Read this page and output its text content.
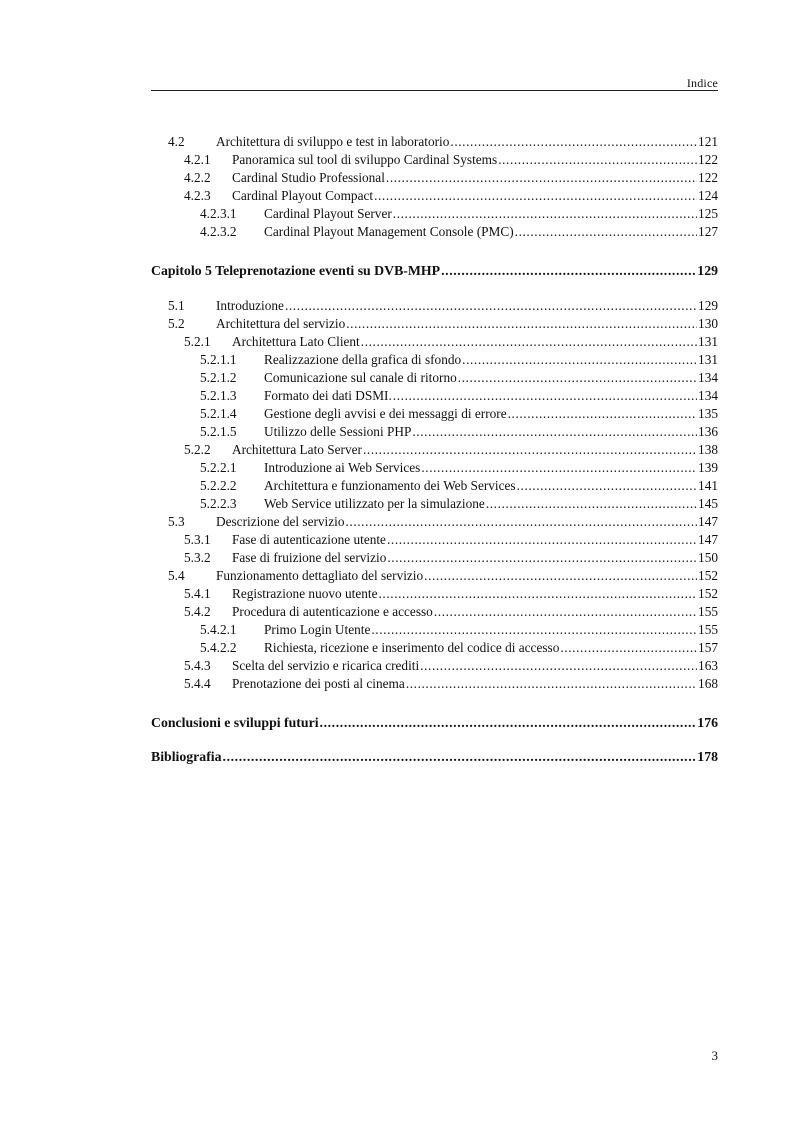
Indice
4.2	Architettura di sviluppo e test in laboratorio .....	121
4.2.1	Panoramica sul tool di sviluppo Cardinal Systems .....	122
4.2.2	Cardinal Studio Professional .....	122
4.2.3	Cardinal Playout Compact .....	124
4.2.3.1	Cardinal Playout Server .....	125
4.2.3.2	Cardinal Playout Management Console (PMC) .....	127
Capitolo 5 Teleprenotazione eventi su DVB-MHP .....	129
5.1	Introduzione .....	129
5.2	Architettura del servizio .....	130
5.2.1	Architettura Lato Client .....	131
5.2.1.1	Realizzazione della grafica di sfondo .....	131
5.2.1.2	Comunicazione sul canale di ritorno .....	134
5.2.1.3	Formato dei dati DSMI. .....	134
5.2.1.4	Gestione degli avvisi e dei messaggi di errore .....	135
5.2.1.5	Utilizzo delle Sessioni PHP .....	136
5.2.2	Architettura Lato Server .....	138
5.2.2.1	Introduzione ai Web Services .....	139
5.2.2.2	Architettura e funzionamento dei Web Services .....	141
5.2.2.3	Web Service utilizzato per la simulazione .....	145
5.3	Descrizione del servizio .....	147
5.3.1	Fase di autenticazione utente .....	147
5.3.2	Fase di fruizione del servizio .....	150
5.4	Funzionamento dettagliato del servizio .....	152
5.4.1	Registrazione nuovo utente .....	152
5.4.2	Procedura di autenticazione e accesso .....	155
5.4.2.1	Primo Login Utente .....	155
5.4.2.2	Richiesta, ricezione e inserimento del codice di accesso .....	157
5.4.3	Scelta del servizio e ricarica crediti .....	163
5.4.4	Prenotazione dei posti al cinema .....	168
Conclusioni e sviluppi futuri .....	176
Bibliografia .....	178
3
